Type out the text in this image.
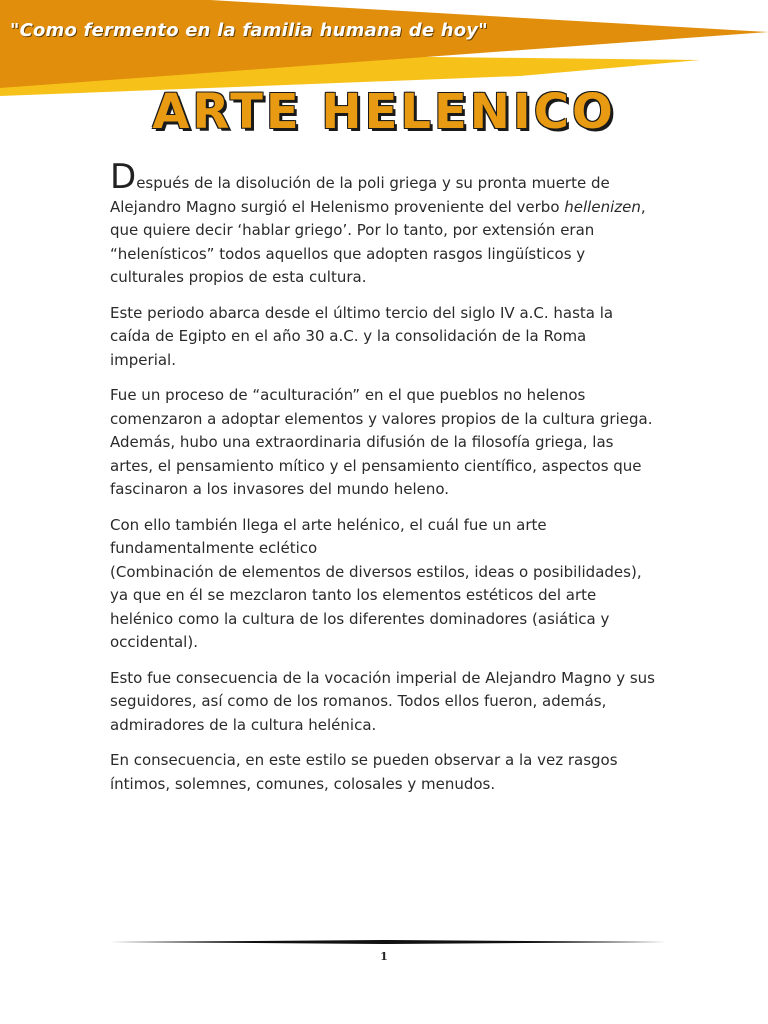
"Como fermento en la familia humana de hoy"
ARTE HELENICO

Después de la disolución de la poli griega y su pronta muerte de
Alejandro Magno surgió el Helenismo proveniente del verbo hellenizen, que quiere decir ‘hablar griego’. Por lo tanto, por extensión eran “helenísticos” todos aquellos que adopten rasgos lingüísticos y culturales propios de esta cultura.

Este periodo abarca desde el último tercio del siglo IV a.C. hasta la caída de Egipto en el año 30 a.C. y la consolidación de la Roma imperial.

Fue un proceso de “aculturación” en el que pueblos no helenos comenzaron a adoptar elementos y valores propios de la cultura griega. Además, hubo una extraordinaria difusión de la filosofía griega, las artes, el pensamiento mítico y el pensamiento científico, aspectos que fascinaron a los invasores del mundo heleno.

Con ello también llega el arte helénico, el cuál fue un arte fundamentalmente eclético

(Combinación de elementos de diversos estilos, ideas o posibilidades), ya que en él se mezclaron tanto los elementos estéticos del arte helénico como la cultura de los diferentes dominadores (asiática y occidental).

Esto fue consecuencia de la vocación imperial de Alejandro Magno y sus seguidores, así como de los romanos. Todos ellos fueron, además, admiradores de la cultura helénica.

En consecuencia, en este estilo se pueden observar a la vez rasgos íntimos, solemnes, comunes, colosales y menudos.

1
